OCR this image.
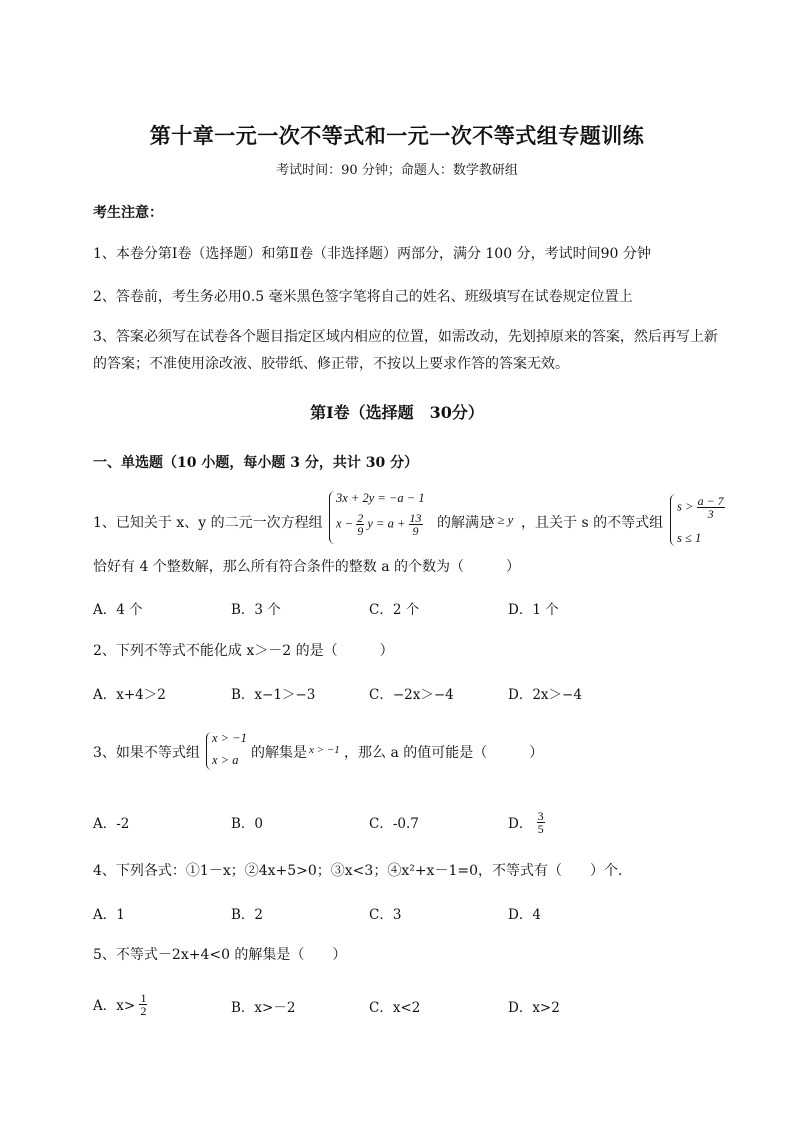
第十章一元一次不等式和一元一次不等式组专题训练
考试时间：90 分钟；命题人：数学教研组
考生注意：
1、本卷分第Ⅰ卷（选择题）和第Ⅱ卷（非选择题）两部分，满分 100 分，考试时间90 分钟
2、答卷前，考生务必用0.5 毫米黑色签字笔将自己的姓名、班级填写在试卷规定位置上
3、答案必须写在试卷各个题目指定区域内相应的位置，如需改动，先划掉原来的答案，然后再写上新
的答案；不准使用涂改液、胶带纸、修正带，不按以上要求作答的答案无效。
第Ⅰ卷（选择题　30分）
一、单选题（10 小题，每小题 3 分，共计 30 分）
1、已知关于 x、y 的二元一次方程组
3x + 2y = −a − 1
$x - \frac{2}{9}$ $y = a + \frac{13}{9}$ 的解满足
x ≥ y ，且关于 s 的不等式组
$s > \frac{a - 7}{3}$
s ≤ 1
恰好有 4 个整数解，那么所有符合条件的整数 a 的个数为（　　　）
A．4 个	B．3 个	C．2 个	D．1 个
2、下列不等式不能化成 x＞－2 的是（　　　）
A．x+4＞2	B．x−1＞−3	C．−2x＞−4	D．2x＞−4
3、如果不等式组
x > −1
x > a 的解集是 x > −1 ，那么 a 的值可能是（　　　）
A．-2	B．0	C．-0.7	D． $\frac{3}{5}$
4、下列各式：①1－x；②4x+5>0；③x<3；④x²+x－1=0，不等式有（　　）个．
A．1	B．2	C．3	D．4
5、不等式－2x+4<0 的解集是（　　）
A．$x> \frac{1}{2}$	B．x>－2	C．x<2	D．x>2
